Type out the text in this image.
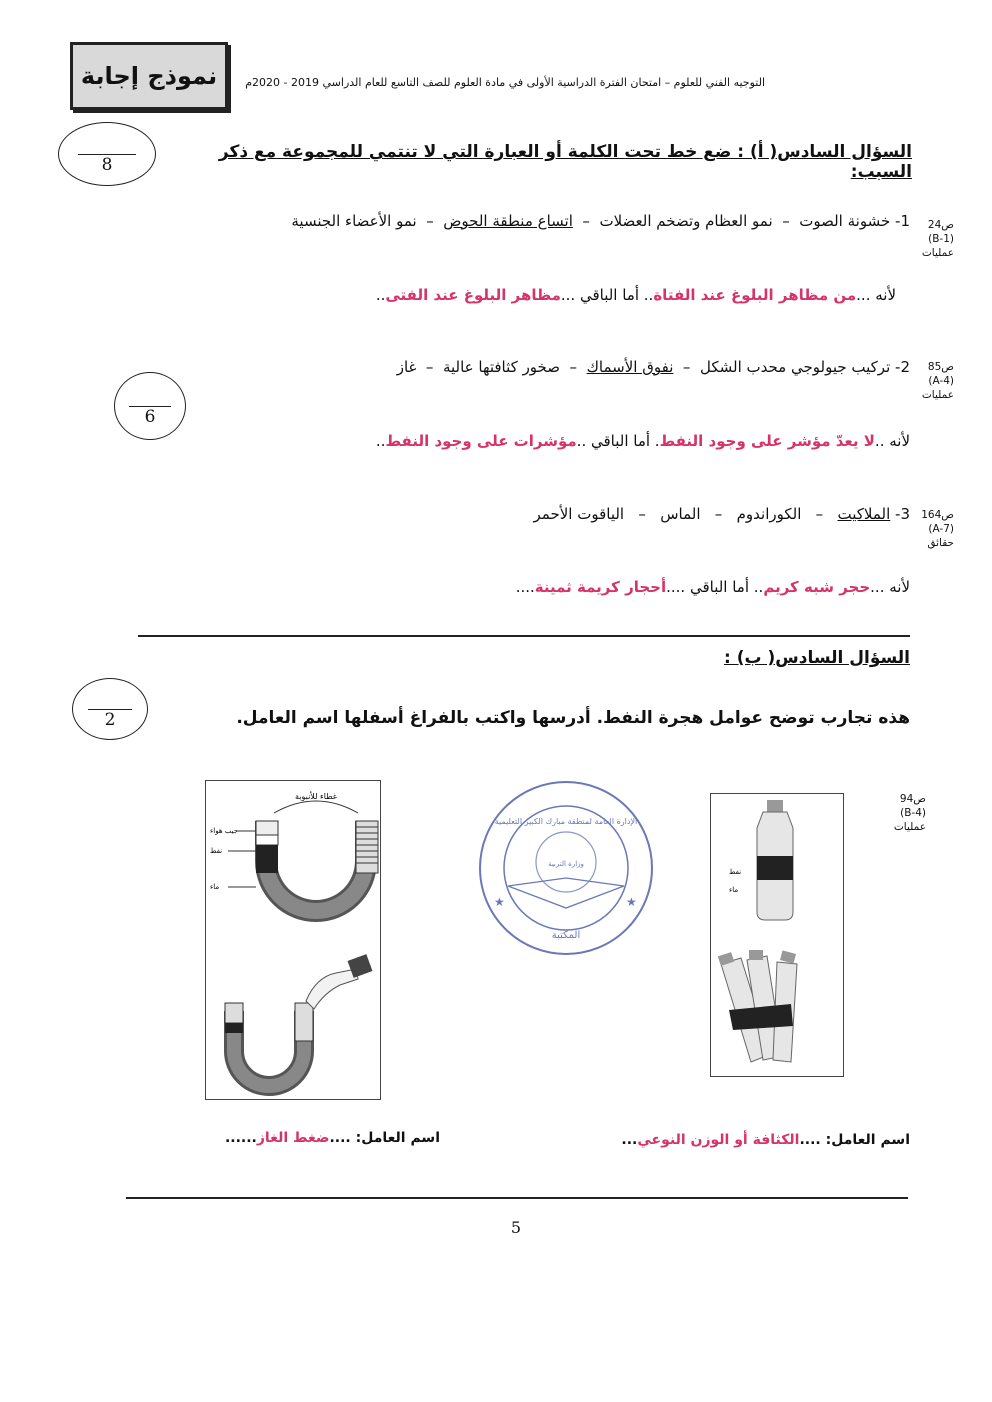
نموذج إجابة	التوجيه الفني للعلوم – امتحان الفترة الدراسية الأولى في مادة العلوم للصف التاسع للعام الدراسي 2019 - 2020م
8
السؤال السادس( أ) : ضع خط تحت الكلمة أو العبارة التي لا تنتمي للمجموعة مع ذكر السبب:
ص24
(B-1)
عمليات
1- خشونة الصوت  –  نمو العظام وتضخم العضلات  –  اتساع منطقة الحوض  –  نمو الأعضاء الجنسية
لأنه ...من مظاهر البلوغ عند الفتاة.. أما الباقي ...مظاهر البلوغ عند الفتى..
6
ص85
(A-4)
عمليات
2- تركيب جيولوجي محدب الشكل  –  نفوق الأسماك  –  صخور كثافتها عالية  –  غاز
لأنه ..لا يعدّ مؤشر على وجود النفط. أما الباقي ..مؤشرات على وجود النفط..
ص164
(A-7)
حقائق
3- الملاكيت   –   الكوراندوم   –   الماس   –   الياقوت الأحمر
لأنه ...حجر شبه كريم.. أما الباقي ....أحجار كريمة ثمينة....
السؤال السادس( ب) :
2	هذه تجارب توضح عوامل هجرة النفط. أدرسها واكتب بالفراغ أسفلها اسم العامل.
ص94
(B-4)
عمليات
غطاء للأنبوبة
جيب هواء
نفط
ماء
★	★
الإدارة العامة لمنطقة مبارك الكبير التعليمية
وزارة التربية
المكتبة
نفط
ماء
اسم العامل: ....الكثافة أو الوزن النوعي...
اسم العامل: ....ضغط الغاز......
5
